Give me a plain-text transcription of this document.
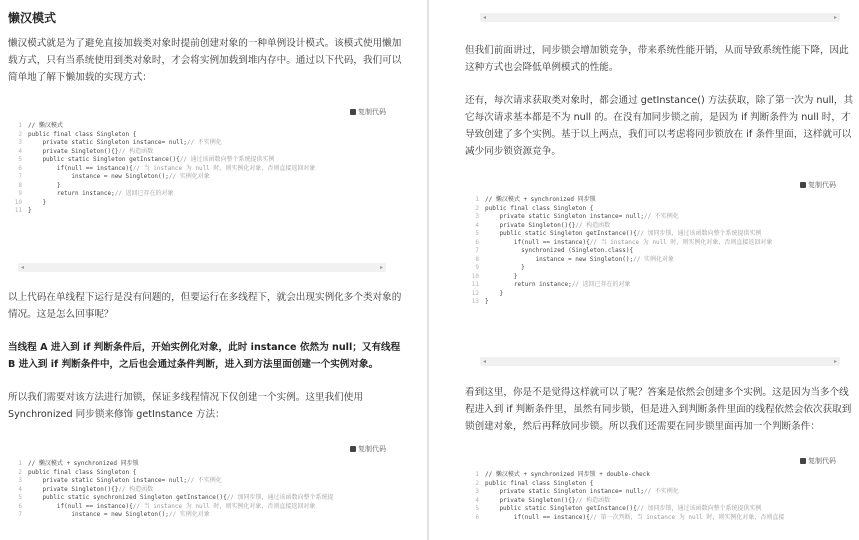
懒汉模式

懒汉模式就是为了避免直接加载类对象时提前创建对象的一种单例设计模式。该模式使用懒加载方式，只有当系统使用到类对象时，才会将实例加载到堆内存中。通过以下代码，我们可以简单地了解下懒加载的实现方式：

复制代码
1 // 懒汉模式
2 public final class Singleton {
3    private static Singleton instance= null;// 不实例化
4    private Singleton(){}// 构造函数
5    public static Singleton getInstance(){// 通过该函数向整个系统提供实例
6        if(null == instance){// 当 instance 为 null 时，则实例化对象，否则直接返回对象
7            instance = new Singleton();// 实例化对象
8        }
9        return instance;// 返回已存在的对象
10    }
11 }
◂	▸

以上代码在单线程下运行是没有问题的，但要运行在多线程下，就会出现实例化多个类对象的情况。这是怎么回事呢？

当线程 A 进入到 if 判断条件后，开始实例化对象，此时 instance 依然为 null；又有线程 B 进入到 if 判断条件中，之后也会通过条件判断，进入到方法里面创建一个实例对象。

所以我们需要对该方法进行加锁，保证多线程情况下仅创建一个实例。这里我们使用 Synchronized 同步锁来修饰 getInstance 方法：

复制代码
1 // 懒汉模式 + synchronized 同步锁
2 public final class Singleton {
3    private static Singleton instance= null;// 不实例化
4    private Singleton(){}// 构造函数
5    public static synchronized Singleton getInstance(){// 加同步锁，通过该函数向整个系统提
6        if(null == instance){// 当 instance 为 null 时，则实例化对象，否则直接返回对象
7            instance = new Singleton();// 实例化对象
◂	▸

但我们前面讲过，同步锁会增加锁竞争，带来系统性能开销，从而导致系统性能下降，因此这种方式也会降低单例模式的性能。

还有，每次请求获取类对象时，都会通过 getInstance() 方法获取，除了第一次为 null，其它每次请求基本都是不为 null 的。在没有加同步锁之前，是因为 if 判断条件为 null 时，才导致创建了多个实例。基于以上两点，我们可以考虑将同步锁放在 if 条件里面，这样就可以减少同步锁资源竞争。

复制代码
1 // 懒汉模式 + synchronized 同步锁
2 public final class Singleton {
3    private static Singleton instance= null;// 不实例化
4    private Singleton(){}// 构造函数
5    public static Singleton getInstance(){// 加同步锁，通过该函数向整个系统提供实例
6        if(null == instance){// 当 instance 为 null 时，则实例化对象，否则直接返回对象
7          synchronized (Singleton.class){
8              instance = new Singleton();// 实例化对象
9          }
10        }
11        return instance;// 返回已存在的对象
12    }
13 }
◂	▸

看到这里，你是不是觉得这样就可以了呢？答案是依然会创建多个实例。这是因为当多个线程进入到 if 判断条件里，虽然有同步锁，但是进入到判断条件里面的线程依然会依次获取到锁创建对象，然后再释放同步锁。所以我们还需要在同步锁里面再加一个判断条件：

复制代码
1 // 懒汉模式 + synchronized 同步锁 + double-check
2 public final class Singleton {
3    private static Singleton instance= null;// 不实例化
4    private Singleton(){}// 构造函数
5    public static Singleton getInstance(){// 加同步锁，通过该函数向整个系统提供实例
6        if(null == instance){// 第一次判断，当 instance 为 null 时，则实例化对象，否则直接
